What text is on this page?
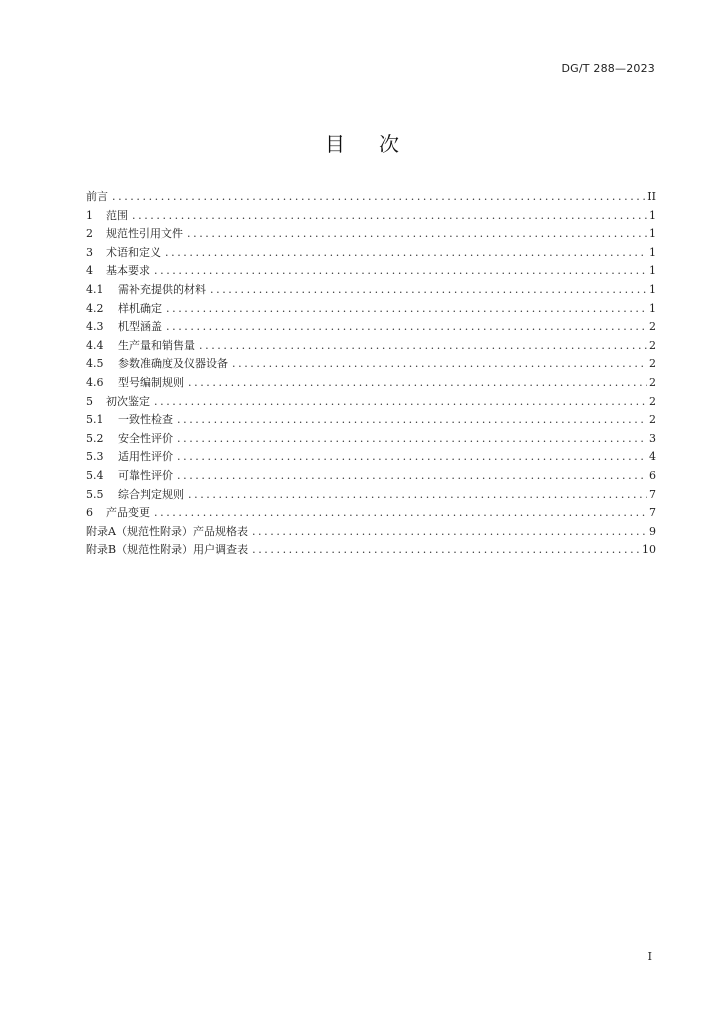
DG/T 288—2023
目次
前言 .....	II
1	范围 .....	1
2	规范性引用文件 .....	1
3	术语和定义 .....	1
4	基本要求 .....	1
4.1	需补充提供的材料 .....	1
4.2	样机确定 .....	1
4.3	机型涵盖 .....	2
4.4	生产量和销售量 .....	2
4.5	参数准确度及仪器设备 .....	2
4.6	型号编制规则 .....	2
5	初次鉴定 .....	2
5.1	一致性检查 .....	2
5.2	安全性评价 .....	3
5.3	适用性评价 .....	4
5.4	可靠性评价 .....	6
5.5	综合判定规则 .....	7
6	产品变更 .....	7
附录A（规范性附录）产品规格表 .....	9
附录B（规范性附录）用户调查表 .....	10
I
